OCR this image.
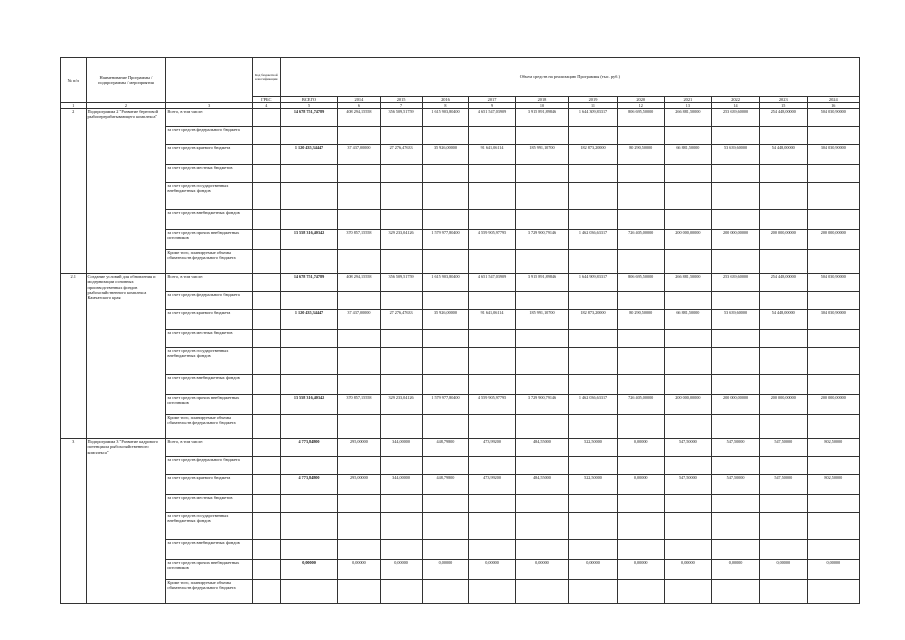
№ п/п	Наименование Программы / подпрограммы / мероприятия		Код бюджетной классификации	Объем средств на реализацию Программы (тыс. руб.)											
			ГРБС	ВСЕГО	2014	2015	2016	2017	2018	2019	2020	2021	2022	2023	2024
1	2	3	4	5	6	7	8	9	10	11	12	13	14	15	16
2	Подпрограмма 2 "Развитие береговой рыбоперерабатывающего комплекса"	Всего, в том числе:		14 678 751,74789	408 294,15558	356 509,51759	1 615 903,80400	4 651 547,03909	3 915 891,89846	1 644 309,83317	806 695,50000	266 881,50000	253 639,60000	254 448,00000	504 030,90000
		за счет средств федерального бюджета													
		за счет средств краевого бюджета		1 120 435,34447	37 437,00000	27 276,47633	35 926,00000	91 641,06114	185 991,10700	182 873,20000	80 290,50000	66 881,50000	53 639,60000	54 448,00000	304 030,90000
		за счет средств местных бюджетов													
		за счет средств государственных внебюджетных фондов													
		за счет средств внебюджетных фондов													
		за счет средств прочих внебюджетных источников		13 558 316,40342	370 857,15558	329 233,04126	1 579 977,80400	4 559 905,97795	3 729 900,79146	1 462 036,63317	726 405,00000	200 000,00000	200 000,00000	200 000,00000	200 000,00000
		Кроме того, планируемые объемы обязательств федерального бюджета													
2.1	Создание условий для обновления и модернизации основных производственных фондов рыбохозяйственного комплекса Камчатского края	Всего, в том числе:		14 678 751,74789	408 294,15558	356 509,51759	1 615 903,80400	4 651 547,03909	3 915 891,89846	1 644 909,83317	806 695,50000	266 881,50000	253 639,60000	254 448,00000	504 030,90000
		за счет средств федерального бюджета													
		за счет средств краевого бюджета		1 120 435,34447	37 437,00000	27 276,47633	35 926,00000	91 641,06114	185 991,10700	182 873,20000	80 290,50000	66 881,50000	53 639,60000	54 448,00000	304 030,90000
		за счет средств местных бюджетов													
		за счет средств государственных внебюджетных фондов													
		за счет средств внебюджетных фондов													
		за счет средств прочих внебюджетных источников		13 558 316,40342	370 857,15558	329 233,04126	1 579 977,80400	4 559 905,97795	3 729 900,79146	1 462 036,63317	726 405,00000	200 000,00000	200 000,00000	200 000,00000	200 000,00000
		Кроме того, планируемые объемы обязательств федерального бюджета													
3	Подпрограмма 3 "Развитие кадрового потенциала рыбохозяйственного комплекса"	Всего, в том числе:		4 773,84800	295,00000	344,00000	448,79800	473,99200	484,55000	522,50000	0,00000	547,50000	547,50000	547,50000	802,50000
		за счет средств федерального бюджета													
		за счет средств краевого бюджета		4 773,84800	295,00000	344,00000	448,79800	473,99200	484,55000	522,50000	0,00000	547,50000	547,50000	547,50000	802,50000
		за счет средств местных бюджетов													
		за счет средств государственных внебюджетных фондов													
		за счет средств внебюджетных фондов													
		за счет средств прочих внебюджетных источников		0,00000	0,00000	0,00000	0,00000	0,00000	0,00000	0,00000	0,00000	0,00000	0,00000	0,00000	0,00000
		Кроме того, планируемые объемы обязательств федерального бюджета													
